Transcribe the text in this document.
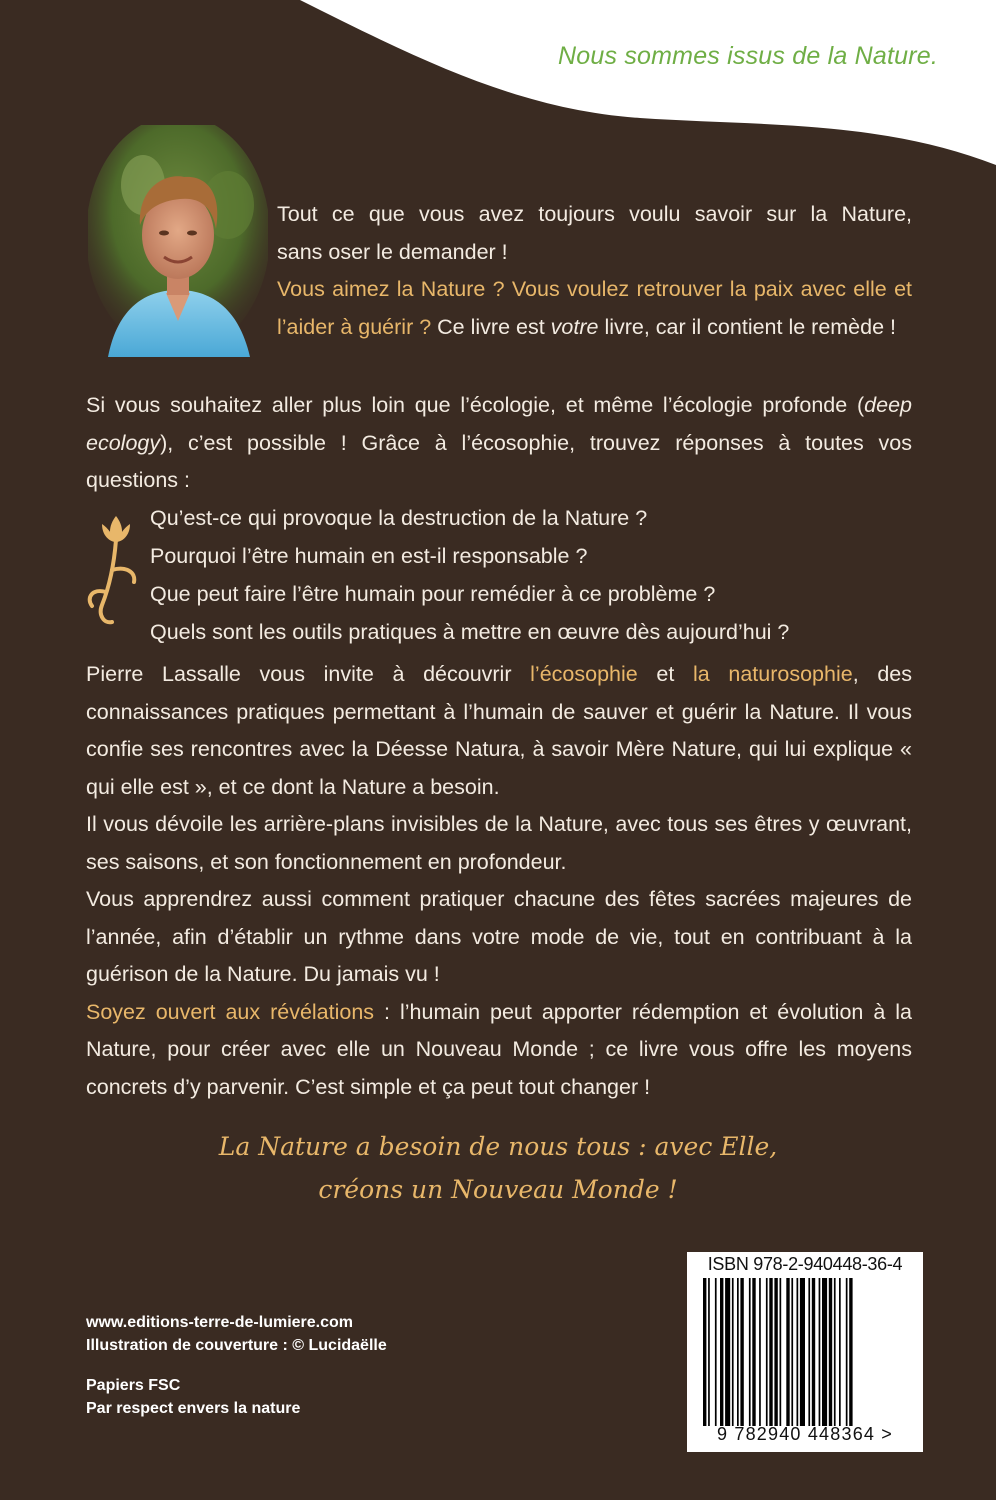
Nous sommes issus de la Nature.

Tout ce que vous avez toujours voulu savoir sur la Nature,

sans oser le demander !

Vous aimez la Nature ? Vous voulez retrouver la paix avec elle et l’aider à guérir ? Ce livre est votre livre, car il contient le remède !

Si vous souhaitez aller plus loin que l’écologie, et même l’écologie profonde (deep ecology), c’est possible ! Grâce à l’écosophie, trouvez réponses à toutes vos questions :

Qu’est-ce qui provoque la destruction de la Nature ?

Pourquoi l’être humain en est-il responsable ?

Que peut faire l’être humain pour remédier à ce problème ?

Quels sont les outils pratiques à mettre en œuvre dès aujourd’hui ?

Pierre Lassalle vous invite à découvrir l’écosophie et la naturosophie, des connaissances pratiques permettant à l’humain de sauver et guérir la Nature. Il vous confie ses rencontres avec la Déesse Natura, à savoir Mère Nature, qui lui explique « qui elle est », et ce dont la Nature a besoin.

Il vous dévoile les arrière-plans invisibles de la Nature, avec tous ses êtres y œuvrant, ses saisons, et son fonctionnement en profondeur.

Vous apprendrez aussi comment pratiquer chacune des fêtes sacrées majeures de l’année, afin d’établir un rythme dans votre mode de vie, tout en contribuant à la guérison de la Nature. Du jamais vu !

Soyez ouvert aux révélations : l’humain peut apporter rédemption et évolution à la Nature, pour créer avec elle un Nouveau Monde ; ce livre vous offre les moyens concrets d’y parvenir. C’est simple et ça peut tout changer !

La Nature a besoin de nous tous : avec Elle,
créons un Nouveau Monde !

www.editions-terre-de-lumiere.com

Illustration de couverture : © Lucidaëlle

Papiers FSC

Par respect envers la nature

ISBN 978-2-940448-36-4
9 782940 448364 >
